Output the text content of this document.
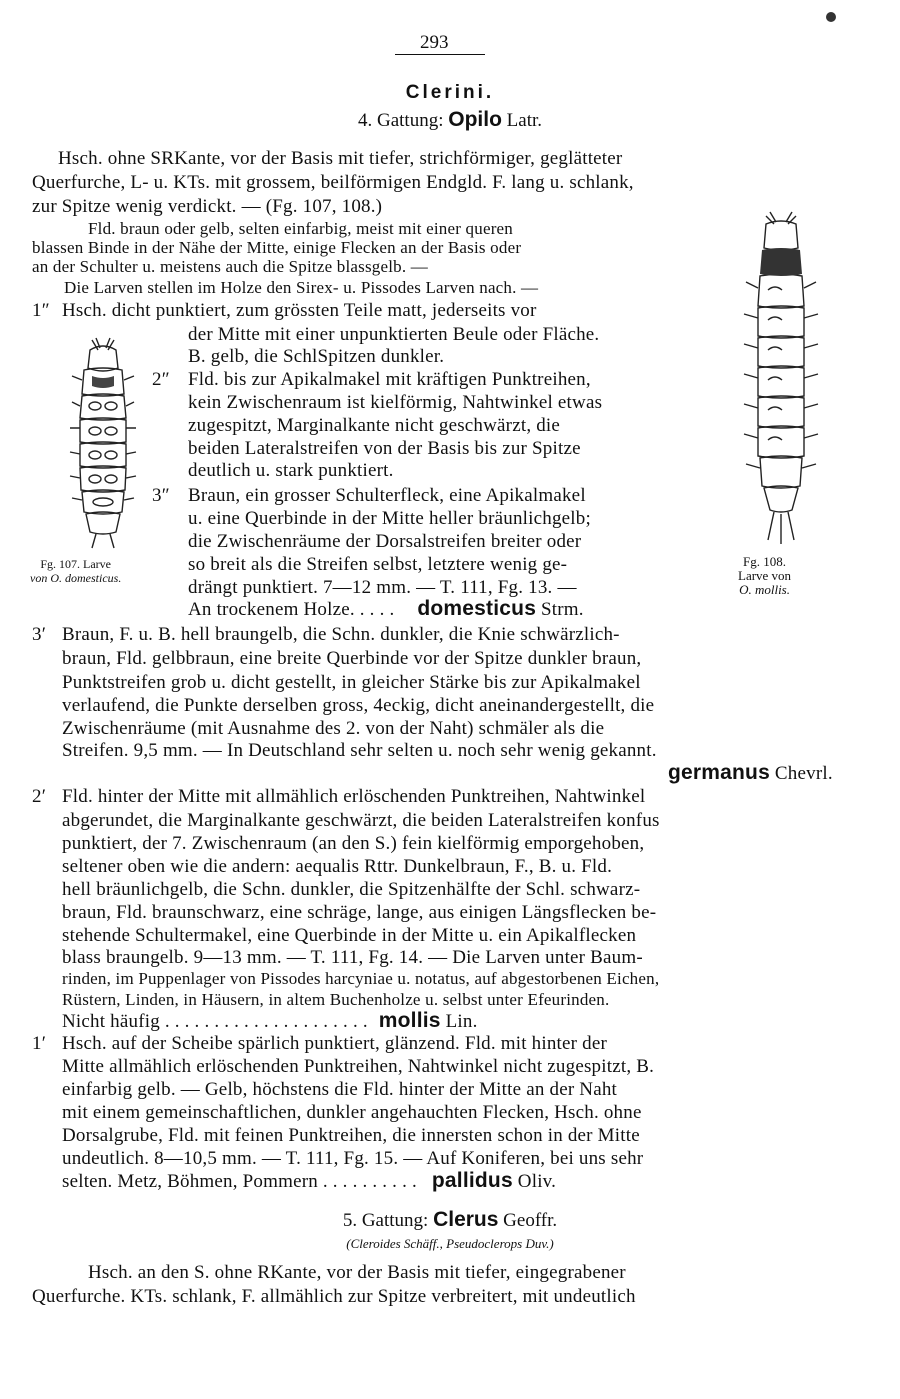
293
Clerini.
4. Gattung: Opilo Latr.
Hsch. ohne SRKante, vor der Basis mit tiefer, strichförmiger, geglätteter
Querfurche, L- u. KTs. mit grossem, beilförmigen Endgld. F. lang u. schlank,
zur Spitze wenig verdickt. — (Fg. 107, 108.)
Fld. braun oder gelb, selten einfarbig, meist mit einer queren
blassen Binde in der Nähe der Mitte, einige Flecken an der Basis oder
an der Schulter u. meistens auch die Spitze blassgelb. —
Die Larven stellen im Holze den Sirex- u. Pissodes Larven nach. —
1″ Hsch. dicht punktiert, zum grössten Teile matt, jederseits vor
der Mitte mit einer unpunktierten Beule oder Fläche.
B. gelb, die SchlSpitzen dunkler.
2″ Fld. bis zur Apikalmakel mit kräftigen Punktreihen,
kein Zwischenraum ist kielförmig, Nahtwinkel etwas
zugespitzt, Marginalkante nicht geschwärzt, die
beiden Lateralstreifen von der Basis bis zur Spitze
deutlich u. stark punktiert.
3″ Braun, ein grosser Schulterfleck, eine Apikalmakel
u. eine Querbinde in der Mitte heller bräunlichgelb;
die Zwischenräume der Dorsalstreifen breiter oder
so breit als die Streifen selbst, letztere wenig ge-
drängt punktiert. 7—12 mm. — T. 111, Fg. 13. —
An trockenem Holze. . . . . domesticus Strm.
3′ Braun, F. u. B. hell braungelb, die Schn. dunkler, die Knie schwärzlich-
braun, Fld. gelbbraun, eine breite Querbinde vor der Spitze dunkler braun,
Punktstreifen grob u. dicht gestellt, in gleicher Stärke bis zur Apikalmakel
verlaufend, die Punkte derselben gross, 4eckig, dicht aneinandergestellt, die
Zwischenräume (mit Ausnahme des 2. von der Naht) schmäler als die
Streifen. 9,5 mm. — In Deutschland sehr selten u. noch sehr wenig gekannt.
germanus Chevrl.
2′ Fld. hinter der Mitte mit allmählich erlöschenden Punktreihen, Nahtwinkel
abgerundet, die Marginalkante geschwärzt, die beiden Lateralstreifen konfus
punktiert, der 7. Zwischenraum (an den S.) fein kielförmig emporgehoben,
seltener oben wie die andern: aequalis Rttr. Dunkelbraun, F., B. u. Fld.
hell bräunlichgelb, die Schn. dunkler, die Spitzenhälfte der Schl. schwarz-
braun, Fld. braunschwarz, eine schräge, lange, aus einigen Längsflecken be-
stehende Schultermakel, eine Querbinde in der Mitte u. ein Apikalflecken
blass braungelb. 9—13 mm. — T. 111, Fg. 14. — Die Larven unter Baum-
rinden, im Puppenlager von Pissodes harcyniae u. notatus, auf abgestorbenen Eichen,
Rüstern, Linden, in Häusern, in altem Buchenholze u. selbst unter Efeurinden.
Nicht häufig . . . . . . . . . . . . . . . . . . . . . mollis Lin.
1′ Hsch. auf der Scheibe spärlich punktiert, glänzend. Fld. mit hinter der
Mitte allmählich erlöschenden Punktreihen, Nahtwinkel nicht zugespitzt, B.
einfarbig gelb. — Gelb, höchstens die Fld. hinter der Mitte an der Naht
mit einem gemeinschaftlichen, dunkler angehauchten Flecken, Hsch. ohne
Dorsalgrube, Fld. mit feinen Punktreihen, die innersten schon in der Mitte
undeutlich. 8—10,5 mm. — T. 111, Fg. 15. — Auf Koniferen, bei uns sehr
selten. Metz, Böhmen, Pommern . . . . . . . . . . pallidus Oliv.
5. Gattung: Clerus Geoffr.
(Cleroides Schäff., Pseudoclerops Duv.)
Hsch. an den S. ohne RKante, vor der Basis mit tiefer, eingegrabener
Querfurche. KTs. schlank, F. allmählich zur Spitze verbreitert, mit undeutlich
Fg. 107. Larve
von O. domesticus.
Fg. 108.
Larve von
O. mollis.
